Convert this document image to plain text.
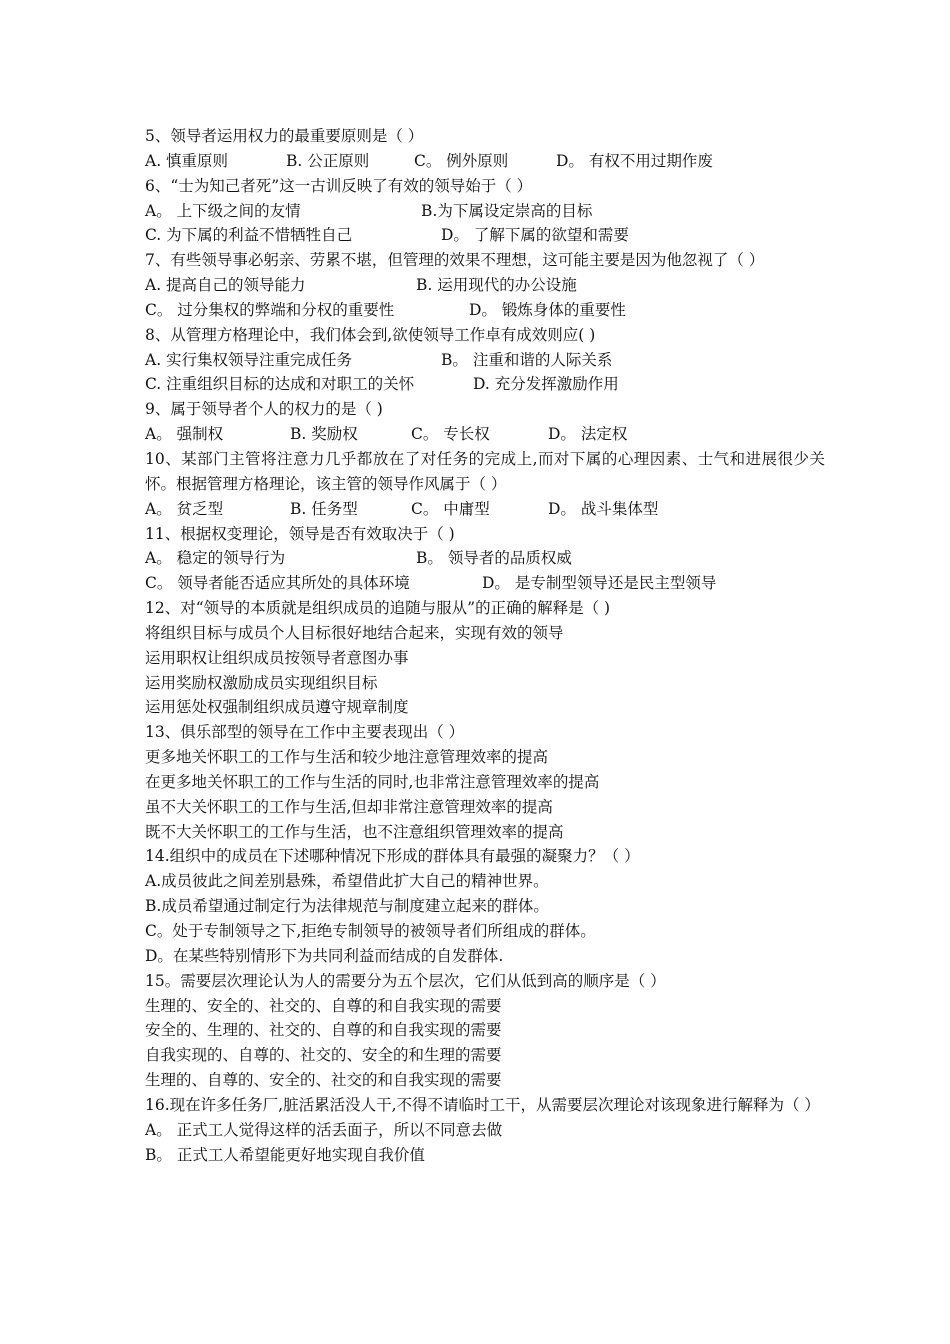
5、领导者运用权力的最重要原则是（ ）
A. 慎重原则	B. 公正原则	C。 例外原则	D。 有权不用过期作废
6、“士为知己者死”这一古训反映了有效的领导始于（ ）
A。 上下级之间的友情	B.为下属设定崇高的目标
C. 为下属的利益不惜牺牲自己	D。 了解下属的欲望和需要
7、有些领导事必躬亲、劳累不堪，但管理的效果不理想，这可能主要是因为他忽视了（ ）
A. 提高自己的领导能力	B. 运用现代的办公设施
C。 过分集权的弊端和分权的重要性	D。 锻炼身体的重要性
8、从管理方格理论中，我们体会到,欲使领导工作卓有成效则应( )
A. 实行集权领导注重完成任务	B。 注重和谐的人际关系
C. 注重组织目标的达成和对职工的关怀	D. 充分发挥激励作用
9、属于领导者个人的权力的是（ )
A。 强制权	B. 奖励权	C。 专长权	D。 法定权
10、某部门主管将注意力几乎都放在了对任务的完成上,而对下属的心理因素、士气和进展很少关怀。根据管理方格理论，该主管的领导作风属于（ ）
A。 贫乏型	B. 任务型	C。 中庸型	D。 战斗集体型
11、根据权变理论，领导是否有效取决于（ )
A。 稳定的领导行为	B。 领导者的品质权威
C。 领导者能否适应其所处的具体环境	D。 是专制型领导还是民主型领导
12、对“领导的本质就是组织成员的追随与服从”的正确的解释是（ )
将组织目标与成员个人目标很好地结合起来，实现有效的领导
运用职权让组织成员按领导者意图办事
运用奖励权激励成员实现组织目标
运用惩处权强制组织成员遵守规章制度
13、俱乐部型的领导在工作中主要表现出（ ）
更多地关怀职工的工作与生活和较少地注意管理效率的提高
在更多地关怀职工的工作与生活的同时,也非常注意管理效率的提高
虽不大关怀职工的工作与生活,但却非常注意管理效率的提高
既不大关怀职工的工作与生活，也不注意组织管理效率的提高
14.组织中的成员在下述哪种情况下形成的群体具有最强的凝聚力？（ ）
A.成员彼此之间差别悬殊，希望借此扩大自己的精神世界。
B.成员希望通过制定行为法律规范与制度建立起来的群体。
C。处于专制领导之下,拒绝专制领导的被领导者们所组成的群体。
D。在某些特别情形下为共同利益而结成的自发群体.
15。需要层次理论认为人的需要分为五个层次，它们从低到高的顺序是（ ）
生理的、安全的、社交的、自尊的和自我实现的需要
安全的、生理的、社交的、自尊的和自我实现的需要
自我实现的、自尊的、社交的、安全的和生理的需要
生理的、自尊的、安全的、社交的和自我实现的需要
16.现在许多任务厂,脏活累活没人干,不得不请临时工干，从需要层次理论对该现象进行解释为（ ）
A。 正式工人觉得这样的活丢面子，所以不同意去做
B。 正式工人希望能更好地实现自我价值
